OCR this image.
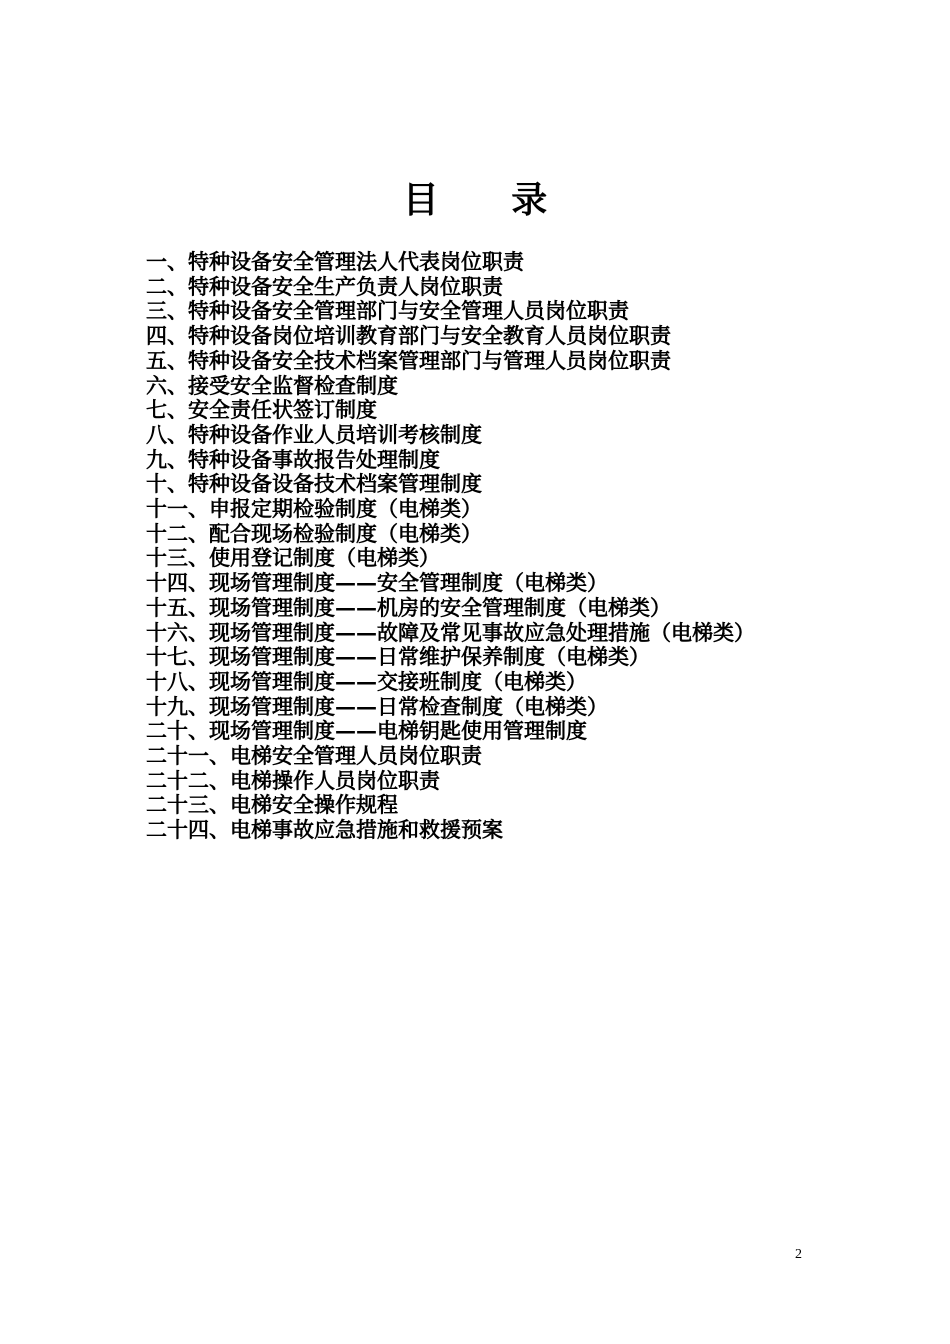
目 录
一、特种设备安全管理法人代表岗位职责
二、特种设备安全生产负责人岗位职责
三、特种设备安全管理部门与安全管理人员岗位职责
四、特种设备岗位培训教育部门与安全教育人员岗位职责
五、特种设备安全技术档案管理部门与管理人员岗位职责
六、接受安全监督检查制度
七、安全责任状签订制度
八、特种设备作业人员培训考核制度
九、特种设备事故报告处理制度
十、特种设备设备技术档案管理制度
十一、申报定期检验制度（电梯类）
十二、配合现场检验制度（电梯类）
十三、使用登记制度（电梯类）
十四、现场管理制度——安全管理制度（电梯类）
十五、现场管理制度——机房的安全管理制度（电梯类）
十六、现场管理制度——故障及常见事故应急处理措施（电梯类）
十七、现场管理制度——日常维护保养制度（电梯类）
十八、现场管理制度——交接班制度（电梯类）
十九、现场管理制度——日常检查制度（电梯类）
二十、现场管理制度——电梯钥匙使用管理制度
二十一、电梯安全管理人员岗位职责
二十二、电梯操作人员岗位职责
二十三、电梯安全操作规程
二十四、电梯事故应急措施和救援预案
2
